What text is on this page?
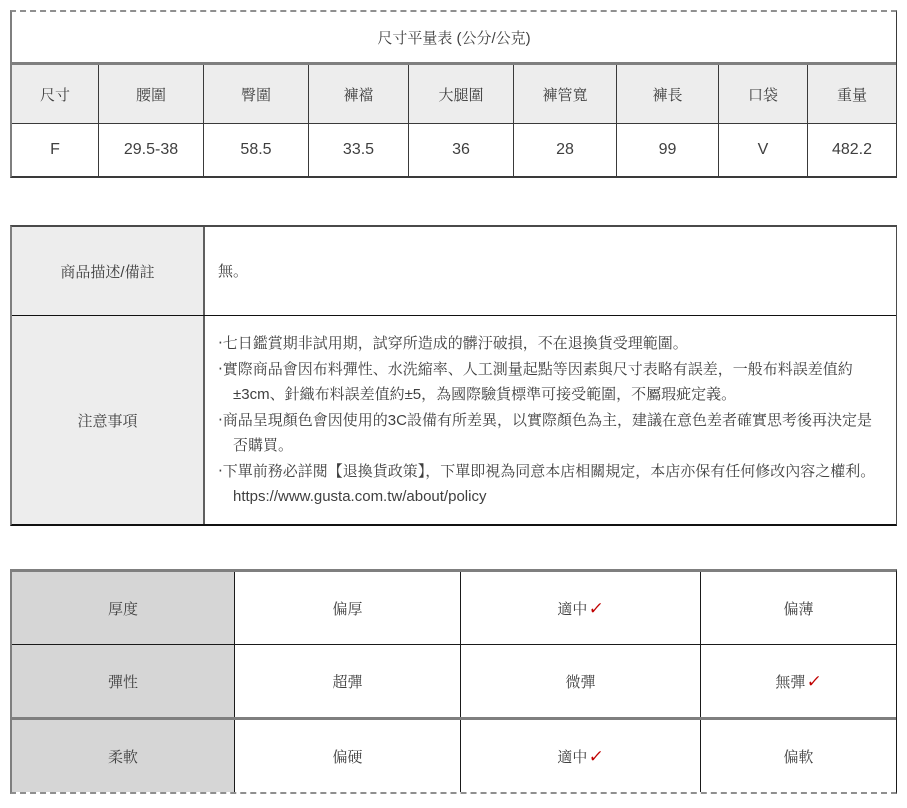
尺寸平量表 (公分/公克)
尺寸	腰圍	臀圍	褲襠	大腿圍	褲管寬	褲長	口袋	重量
F	29.5-38	58.5	33.5	36	28	99	V	482.2
商品描述/備註	無。
注意事項
‧七日鑑賞期非試用期，試穿所造成的髒汙破損，不在退換貨受理範圍。
‧實際商品會因布料彈性、水洗縮率、人工測量起點等因素與尺寸表略有誤差，一般布料誤差值約±3cm、針織布料誤差值約±5，為國際驗貨標準可接受範圍，不屬瑕疵定義。
‧商品呈現顏色會因使用的3C設備有所差異，以實際顏色為主，建議在意色差者確實思考後再決定是否購買。
‧下單前務必詳閱【退換貨政策】，下單即視為同意本店相關規定，本店亦保有任何修改內容之權利。https://www.gusta.com.tw/about/policy
厚度	偏厚	適中 ✓	偏薄
彈性	超彈	微彈	無彈 ✓
柔軟	偏硬	適中 ✓	偏軟
